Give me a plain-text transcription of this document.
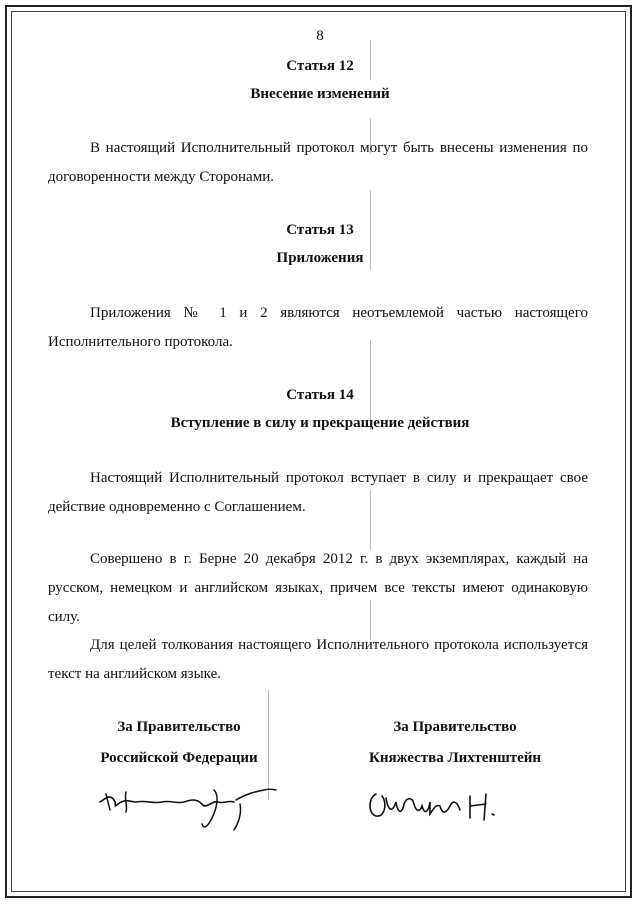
8
Статья 12
Внесение изменений
В настоящий Исполнительный протокол могут быть внесены изменения по договоренности между Сторонами.
Статья 13
Приложения
Приложения № 1 и 2 являются неотъемлемой частью настоящего Исполнительного протокола.
Статья 14
Вступление в силу и прекращение действия
Настоящий Исполнительный протокол вступает в силу и прекращает свое действие одновременно с Соглашением.
Совершено в г. Берне 20 декабря 2012 г. в двух экземплярах, каждый на русском, немецком и английском языках, причем все тексты имеют одинаковую силу.
Для целей толкования настоящего Исполнительного протокола используется текст на английском языке.
За Правительство
Российской Федерации
За Правительство
Княжества Лихтенштейн
